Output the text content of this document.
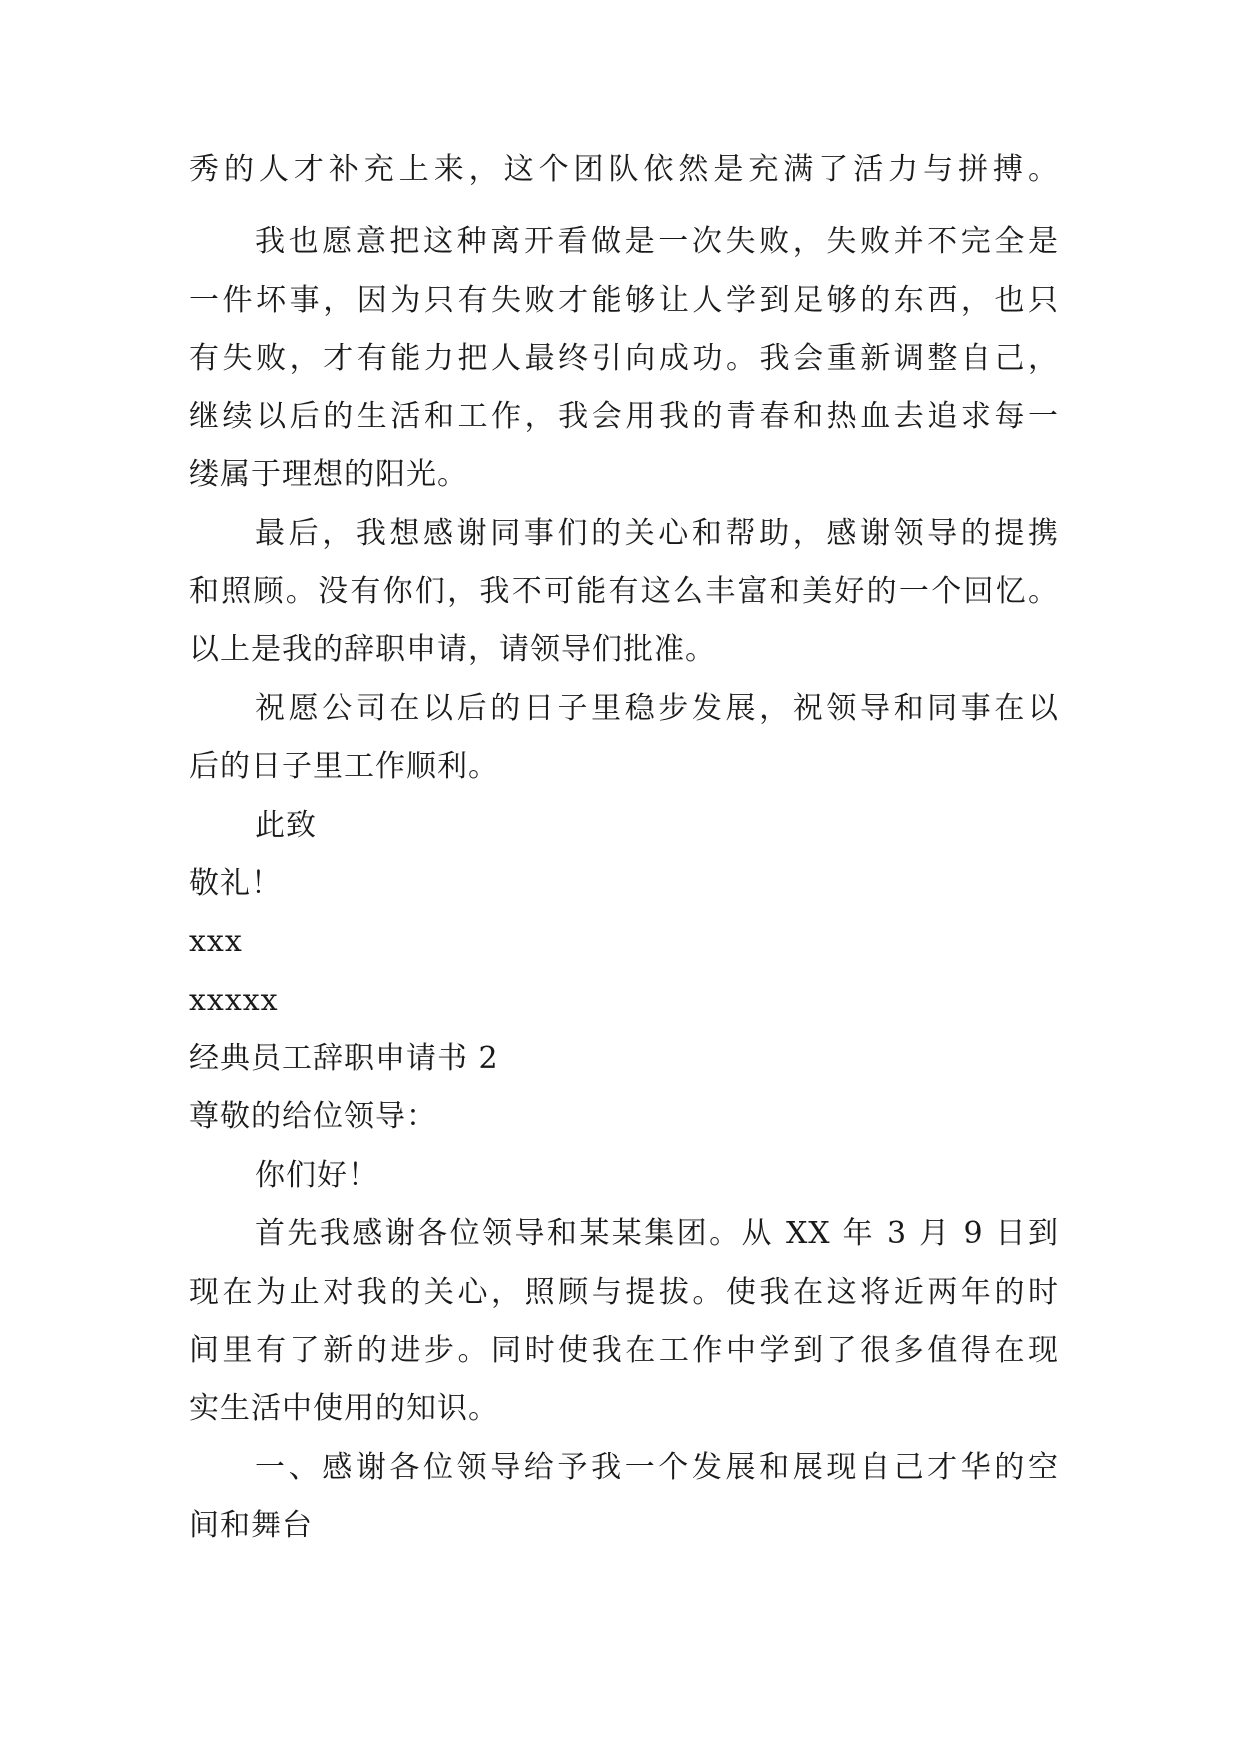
秀的人才补充上来，这个团队依然是充满了活力与拼搏。
我也愿意把这种离开看做是一次失败，失败并不完全是
一件坏事，因为只有失败才能够让人学到足够的东西，也只
有失败，才有能力把人最终引向成功。我会重新调整自己，
继续以后的生活和工作，我会用我的青春和热血去追求每一
缕属于理想的阳光。
最后，我想感谢同事们的关心和帮助，感谢领导的提携
和照顾。没有你们，我不可能有这么丰富和美好的一个回忆。
以上是我的辞职申请，请领导们批准。
祝愿公司在以后的日子里稳步发展，祝领导和同事在以
后的日子里工作顺利。
此致
敬礼！
xxx
xxxxx
经典员工辞职申请书 2
尊敬的给位领导：
你们好！
首先我感谢各位领导和某某集团。从 XX 年 3 月 9 日到
现在为止对我的关心，照顾与提拔。使我在这将近两年的时
间里有了新的进步。同时使我在工作中学到了很多值得在现
实生活中使用的知识。
一、感谢各位领导给予我一个发展和展现自己才华的空
间和舞台
